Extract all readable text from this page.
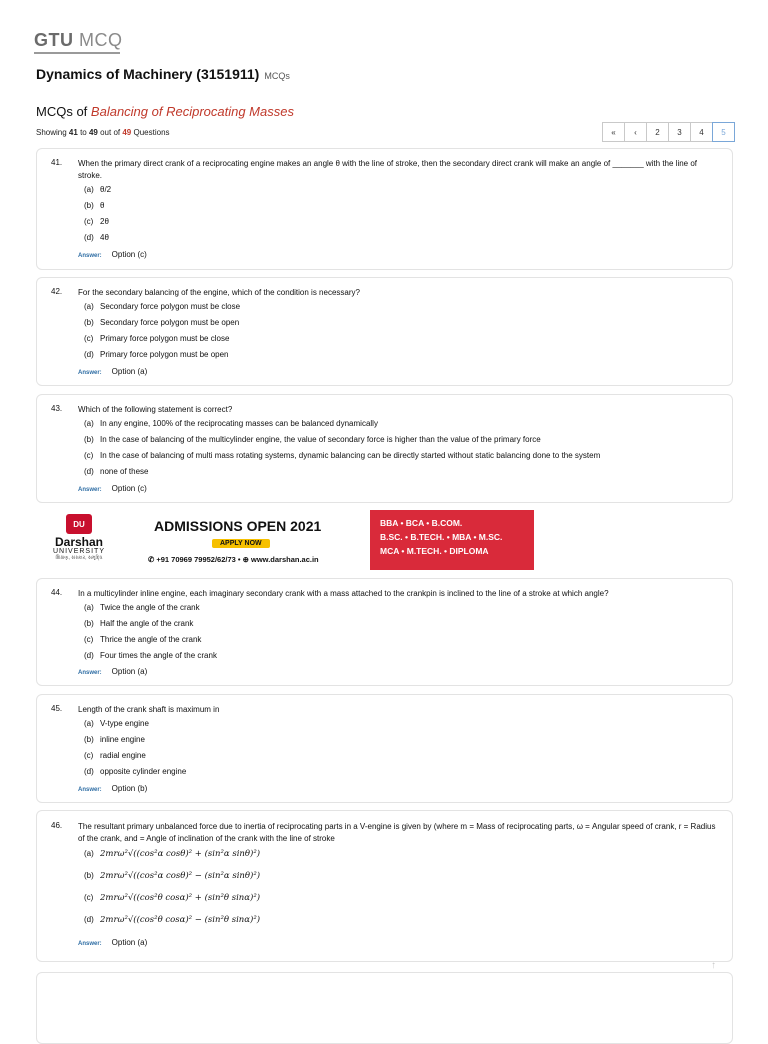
GTU MCQ
Dynamics of Machinery (3151911) MCQs
MCQs of Balancing of Reciprocating Masses
Showing 41 to 49 out of 49 Questions	«	‹	2	3	4	5
41. When the primary direct crank of a reciprocating engine makes an angle θ with the line of stroke, then the secondary direct crank will make an angle of _______ with the line of stroke.
(a) θ/2
(b) θ
(c) 2θ
(d) 4θ
Answer: Option (c)
42. For the secondary balancing of the engine, which of the condition is necessary?
(a) Secondary force polygon must be close
(b) Secondary force polygon must be open
(c) Primary force polygon must be close
(d) Primary force polygon must be open
Answer: Option (a)
43. Which of the following statement is correct?
(a) In any engine, 100% of the reciprocating masses can be balanced dynamically
(b) In the case of balancing of the multicylinder engine, the value of secondary force is higher than the value of the primary force
(c) In the case of balancing of multi mass rotating systems, dynamic balancing can be directly started without static balancing done to the system
(d) none of these
Answer: Option (c)
DU
Darshan
UNIVERSITY
શિક્ષણ, સંસ્કાર, સમૃદ્ધિ
ADMISSIONS OPEN 2021
APPLY NOW
✆ +91 70969 79952/62/73 • ⊕ www.darshan.ac.in
BBA • BCA • B.COM.
B.SC. • B.TECH. • MBA • M.SC.
MCA • M.TECH. • DIPLOMA
44. In a multicylinder inline engine, each imaginary secondary crank with a mass attached to the crankpin is inclined to the line of a stroke at which angle?
(a) Twice the angle of the crank
(b) Half the angle of the crank
(c) Thrice the angle of the crank
(d) Four times the angle of the crank
Answer: Option (a)
45. Length of the crank shaft is maximum in
(a) V-type engine
(b) inline engine
(c) radial engine
(d) opposite cylinder engine
Answer: Option (b)
46. The resultant primary unbalanced force due to inertia of reciprocating parts in a V-engine is given by (where m = Mass of reciprocating parts, ω = Angular speed of crank, r = Radius of the crank, and = Angle of inclination of the crank with the line of stroke
(a) 2mrω²√((cos²α cosθ)² + (sin²α sinθ)²)
(b) 2mrω²√((cos²α cosθ)² − (sin²α sinθ)²)
(c) 2mrω²√((cos²θ cosα)² + (sin²θ sinα)²)
(d) 2mrω²√((cos²θ cosα)² − (sin²θ sinα)²)
Answer: Option (a)
↑
